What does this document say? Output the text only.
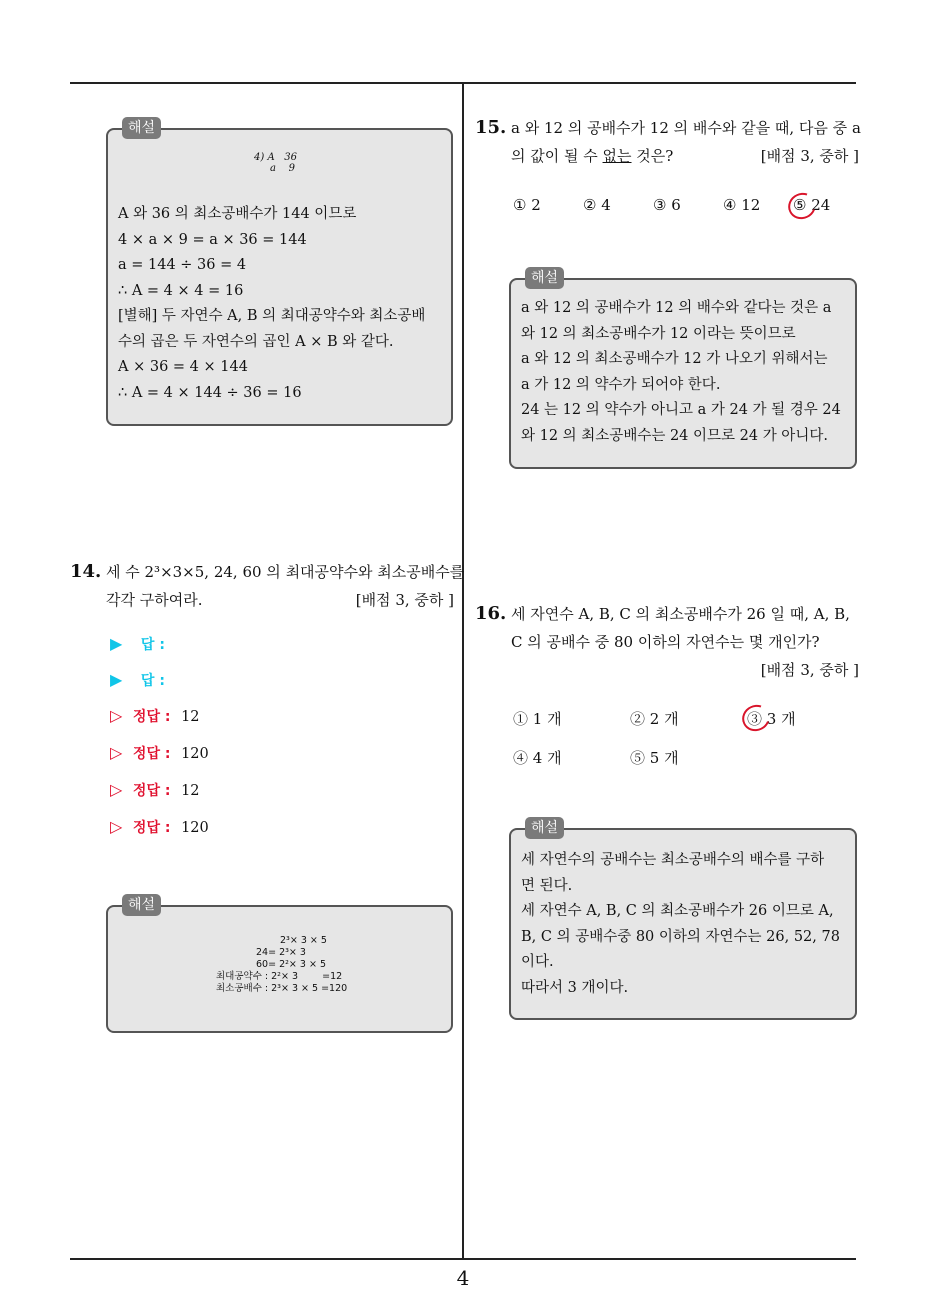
해설
4) A   36
a    9
A 와 36 의 최소공배수가 144 이므로
4 × a × 9 = a × 36 = 144
a = 144 ÷ 36 = 4
∴ A = 4 × 4 = 16
[별해] 두 자연수 A, B 의 최대공약수와 최소공배
수의 곱은 두 자연수의 곱인 A × B 와 같다.
A × 36 = 4 × 144
∴ A = 4 × 144 ÷ 36 = 16
14. 세 수 2³×3×5, 24, 60 의 최대공약수와 최소공배수를
각각 구하여라.	[배점 3, 중하 ]
▶ 답 :
▶ 답 :
▷ 정답 : 12
▷ 정답 : 120
▷ 정답 : 12
▷ 정답 : 120
해설
2³× 3 × 5
24= 2³× 3
60= 2²× 3 × 5
최대공약수 : 2²× 3        =12
최소공배수 : 2³× 3 × 5 =120
15. a 와 12 의 공배수가 12 의 배수와 같을 때, 다음 중 a
의 값이 될 수 없는 것은?	[배점 3, 중하 ]
① 2	② 4	③ 6	④ 12 ⑤ 24
해설
a 와 12 의 공배수가 12 의 배수와 같다는 것은 a
와 12 의 최소공배수가 12 이라는 뜻이므로
a 와 12 의 최소공배수가 12 가 나오기 위해서는
a 가 12 의 약수가 되어야 한다.
24 는 12 의 약수가 아니고 a 가 24 가 될 경우 24
와 12 의 최소공배수는 24 이므로 24 가 아니다.
16. 세 자연수 A, B, C 의 최소공배수가 26 일 때, A, B,
C 의 공배수 중 80 이하의 자연수는 몇 개인가?
[배점 3, 중하 ]
① 1 개	② 2 개	③ 3 개
④ 4 개	⑤ 5 개
해설
세 자연수의 공배수는 최소공배수의 배수를 구하
면 된다.
세 자연수 A, B, C 의 최소공배수가 26 이므로 A,
B, C 의 공배수중 80 이하의 자연수는 26, 52, 78
이다.
따라서 3 개이다.
4
